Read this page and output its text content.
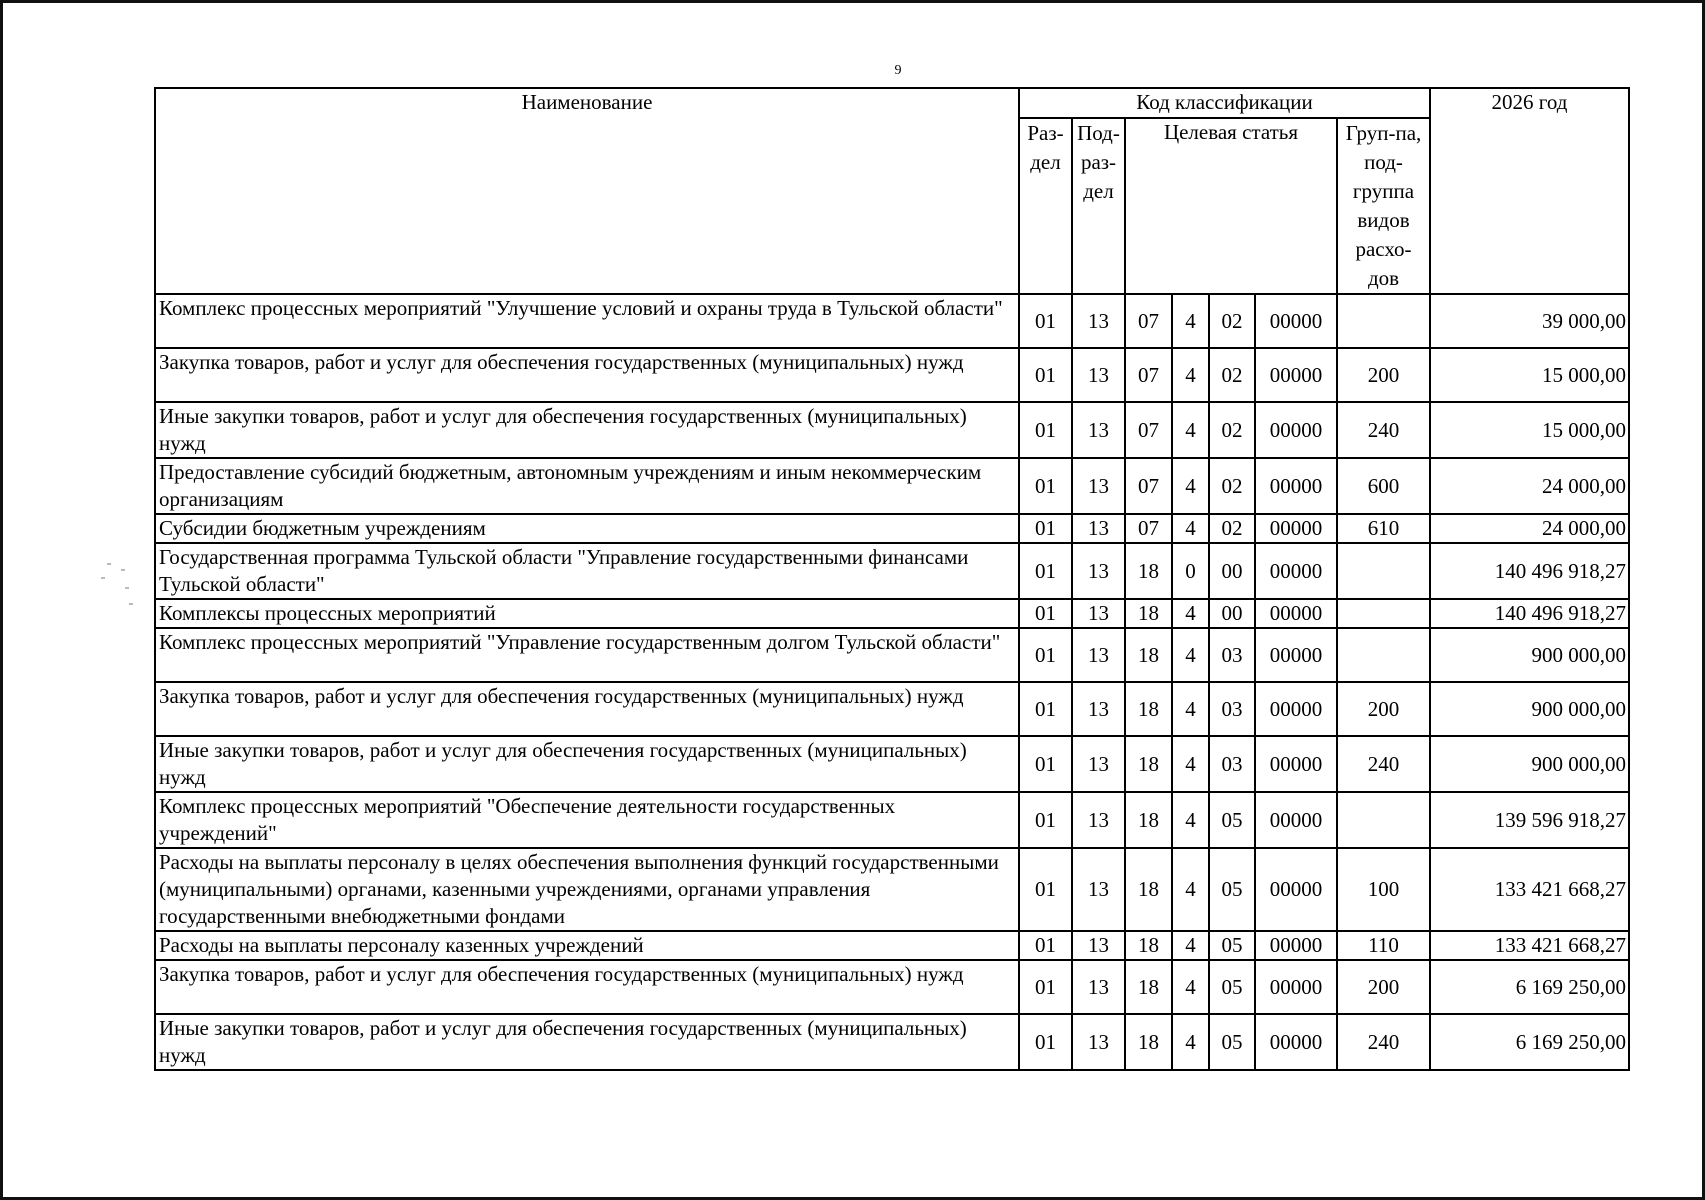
9
Наименование	Код классификации							2026 год
	Раз-дел	Под-раз-дел	Целевая статья				Груп-па, под-группа видов расхо-дов	
Комплекс процессных мероприятий "Улучшение условий и охраны труда в Тульской области"	01	13	07	4	02	00000		39 000,00
Закупка товаров, работ и услуг для обеспечения государственных (муниципальных) нужд	01	13	07	4	02	00000	200	15 000,00
Иные закупки товаров, работ и услуг для обеспечения государственных (муниципальных) нужд	01	13	07	4	02	00000	240	15 000,00
Предоставление субсидий бюджетным, автономным учреждениям и иным некоммерческим организациям	01	13	07	4	02	00000	600	24 000,00
Субсидии бюджетным учреждениям	01	13	07	4	02	00000	610	24 000,00
Государственная программа Тульской области "Управление государственными финансами Тульской области"	01	13	18	0	00	00000		140 496 918,27
Комплексы процессных мероприятий	01	13	18	4	00	00000		140 496 918,27
Комплекс процессных мероприятий "Управление государственным долгом Тульской области"	01	13	18	4	03	00000		900 000,00
Закупка товаров, работ и услуг для обеспечения государственных (муниципальных) нужд	01	13	18	4	03	00000	200	900 000,00
Иные закупки товаров, работ и услуг для обеспечения государственных (муниципальных) нужд	01	13	18	4	03	00000	240	900 000,00
Комплекс процессных мероприятий "Обеспечение деятельности государственных учреждений"	01	13	18	4	05	00000		139 596 918,27
Расходы на выплаты персоналу в целях обеспечения выполнения функций государственными (муниципальными) органами, казенными учреждениями, органами управления государственными внебюджетными фондами	01	13	18	4	05	00000	100	133 421 668,27
Расходы на выплаты персоналу казенных учреждений	01	13	18	4	05	00000	110	133 421 668,27
Закупка товаров, работ и услуг для обеспечения государственных (муниципальных) нужд	01	13	18	4	05	00000	200	6 169 250,00
Иные закупки товаров, работ и услуг для обеспечения государственных (муниципальных) нужд	01	13	18	4	05	00000	240	6 169 250,00
